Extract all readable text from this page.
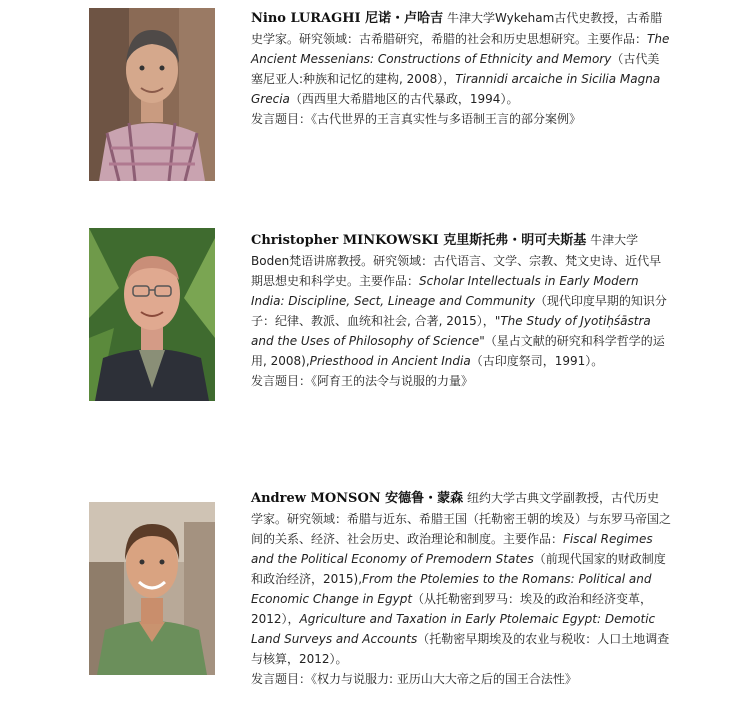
Nino LURAGHI 尼诺・卢哈吉 牛津大学Wykeham古代史教授，古希腊史学家。研究领域：古希腊研究，希腊的社会和历史思想研究。主要作品：The Ancient Messenians: Constructions of Ethnicity and Memory（古代美塞尼亚人:种族和记忆的建构, 2008），Tirannidi arcaiche in Sicilia Magna Grecia（西西里大希腊地区的古代暴政，1994）。
发言题目：《古代世界的王言真实性与多语制王言的部分案例》
Christopher MINKOWSKI 克里斯托弗・明可夫斯基 牛津大学Boden梵语讲席教授。研究领域：古代语言、文学、宗教、梵文史诗、近代早期思想史和科学史。主要作品：Scholar Intellectuals in Early Modern India: Discipline, Sect, Lineage and Community（现代印度早期的知识分子：纪律、教派、血统和社会, 合著, 2015），"The Study of Jyotiḥśāstra and the Uses of Philosophy of Science"（星占文献的研究和科学哲学的运用, 2008),Priesthood in Ancient India（古印度祭司，1991）。
发言题目：《阿育王的法令与说服的力量》
Andrew MONSON 安德鲁・蒙森 纽约大学古典文学副教授，古代历史学家。研究领域：希腊与近东、希腊王国（托勒密王朝的埃及）与东罗马帝国之间的关系、经济、社会历史、政治理论和制度。主要作品：Fiscal Regimes and the Political Economy of Premodern States（前现代国家的财政制度和政治经济，2015),From the Ptolemies to the Romans: Political and Economic Change in Egypt（从托勒密到罗马：埃及的政治和经济变革，2012），Agriculture and Taxation in Early Ptolemaic Egypt: Demotic Land Surveys and Accounts（托勒密早期埃及的农业与税收：人口土地调查与核算，2012）。
发言题目：《权力与说服力: 亚历山大大帝之后的国王合法性》
